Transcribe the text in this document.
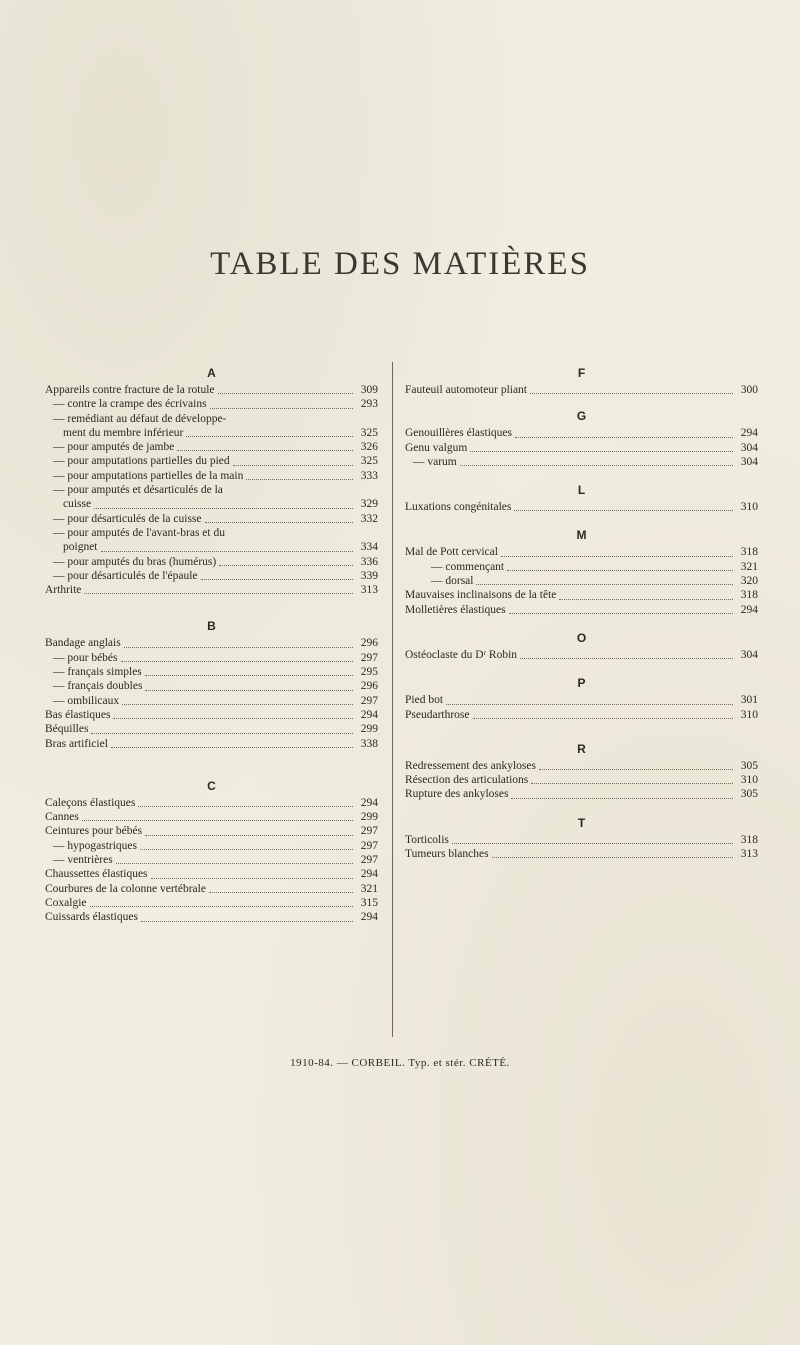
TABLE DES MATIÈRES
A
Appareils contre fracture de la rotule	309
— contre la crampe des écrivains	293
— remédiant au défaut de développe-
ment du membre inférieur	325
— pour amputés de jambe	326
— pour amputations partielles du pied	325
— pour amputations partielles de la main	333
— pour amputés et désarticulés de la
cuisse	329
— pour désarticulés de la cuisse	332
— pour amputés de l'avant-bras et du
poignet	334
— pour amputés du bras (humérus)	336
— pour désarticulés de l'épaule	339
Arthrite	313
B
Bandage anglais	296
— pour bébés	297
— français simples	295
— français doubles	296
— ombilicaux	297
Bas élastiques	294
Béquilles	299
Bras artificiel	338
C
Caleçons élastiques	294
Cannes	299
Ceintures pour bébés	297
— hypogastriques	297
— ventrières	297
Chaussettes élastiques	294
Courbures de la colonne vertébrale	321
Coxalgie	315
Cuissards élastiques	294
F
Fauteuil automoteur pliant	300
G
Genouillères élastiques	294
Genu valgum	304
— varum	304
L
Luxations congénitales	310
M
Mal de Pott cervical	318
— commençant	321
— dorsal	320
Mauvaises inclinaisons de la tête	318
Molletières élastiques	294
O
Ostéoclaste du Dʳ Robin	304
P
Pied bot	301
Pseudarthrose	310
R
Redressement des ankyloses	305
Résection des articulations	310
Rupture des ankyloses	305
T
Torticolis	318
Tumeurs blanches	313
1910-84. — CORBEIL. Typ. et stér. CRÉTÉ.
